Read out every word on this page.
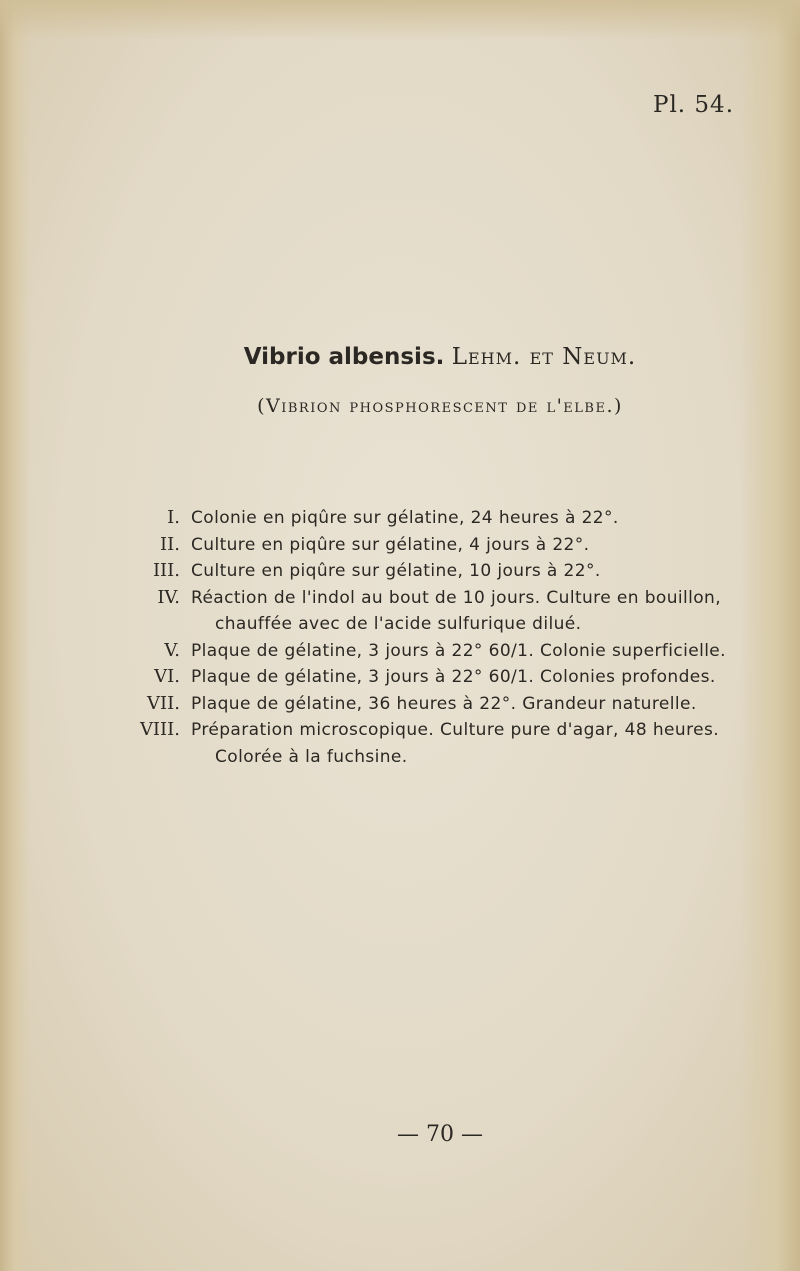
Pl. 54.
Vibrio albensis. Lehm. et Neum.
(Vibrion phosphorescent de l'elbe.)
I. Colonie en piqûre sur gélatine, 24 heures à 22°.
II. Culture en piqûre sur gélatine, 4 jours à 22°.
III. Culture en piqûre sur gélatine, 10 jours à 22°.
IV. Réaction de l'indol au bout de 10 jours. Culture en bouillon,
chauffée avec de l'acide sulfurique dilué.
V. Plaque de gélatine, 3 jours à 22° 60/1. Colonie superficielle.
VI. Plaque de gélatine, 3 jours à 22° 60/1. Colonies profondes.
VII. Plaque de gélatine, 36 heures à 22°. Grandeur naturelle.
VIII. Préparation microscopique. Culture pure d'agar, 48 heures.
Colorée à la fuchsine.
— 70 —
